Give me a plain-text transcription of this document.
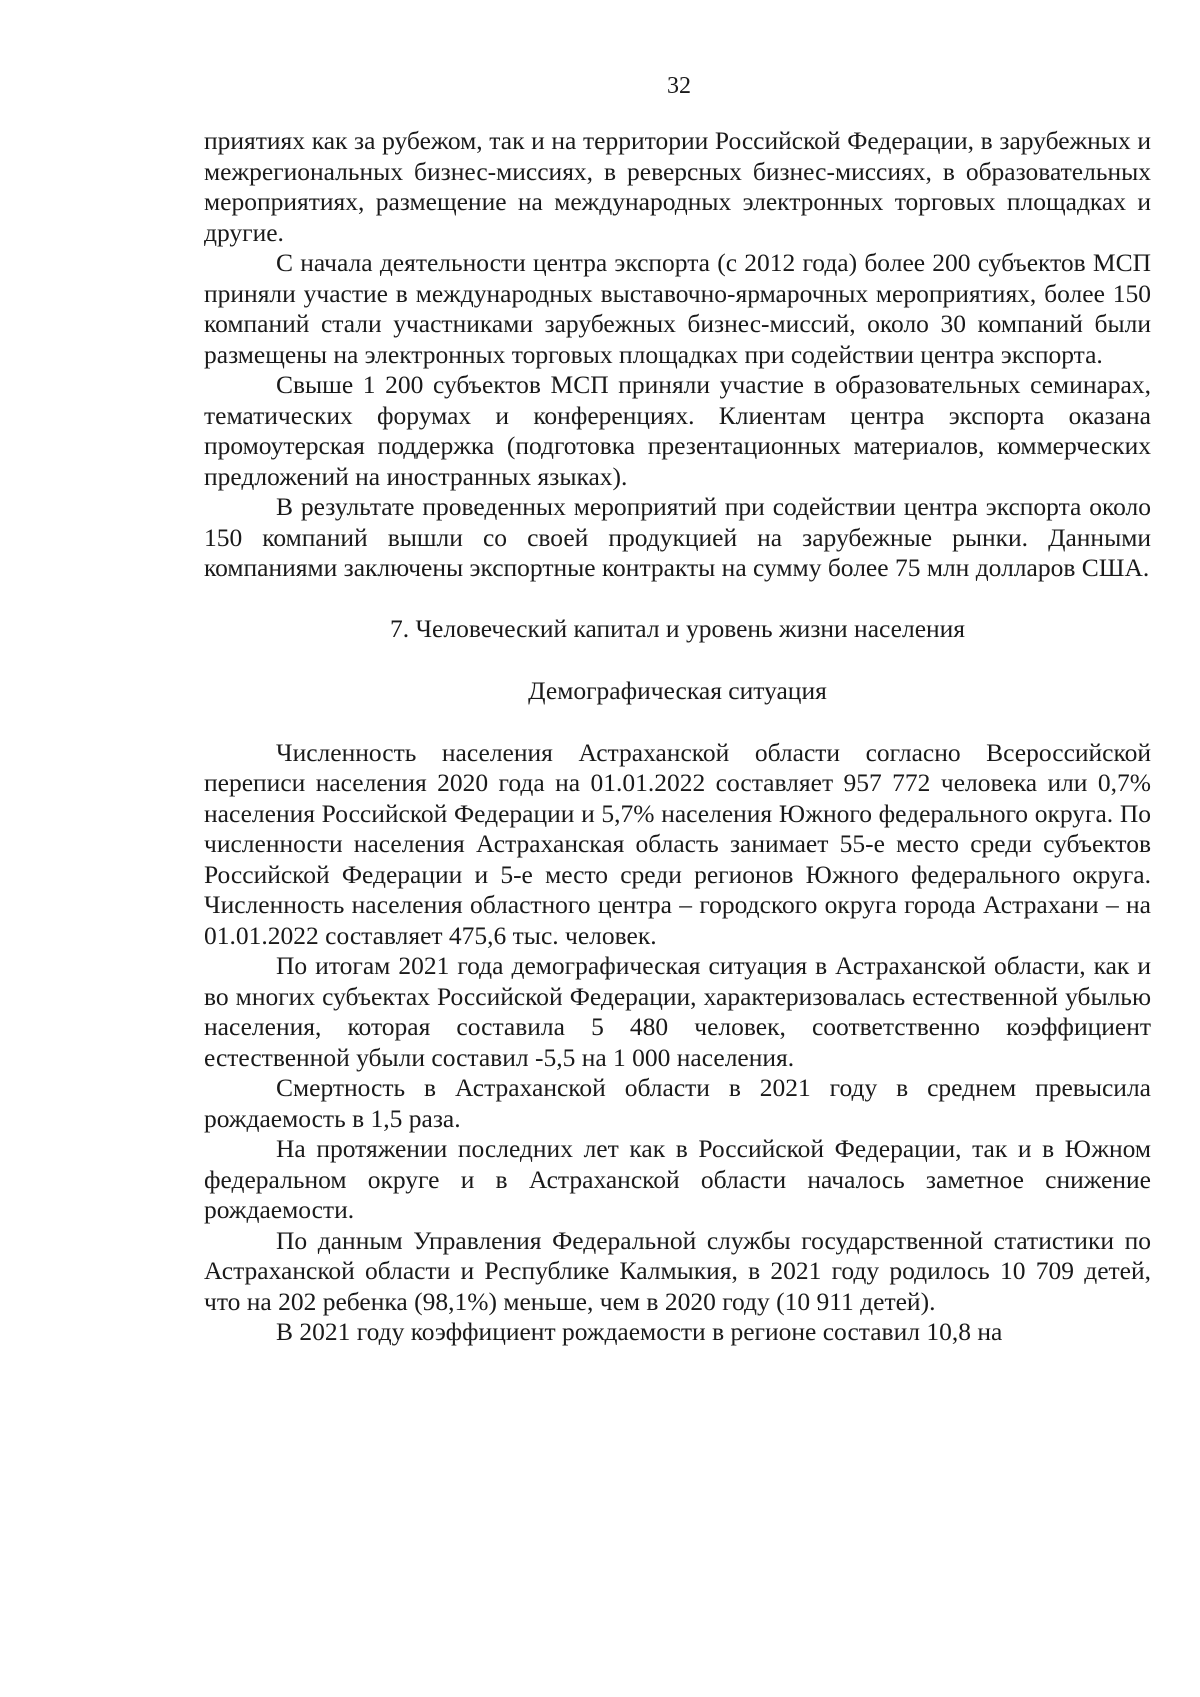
32

приятиях как за рубежом, так и на территории Российской Федерации, в зарубежных и межрегиональных бизнес-миссиях, в реверсных бизнес-миссиях, в образовательных мероприятиях, размещение на международных электронных торговых площадках и другие.

С начала деятельности центра экспорта (с 2012 года) более 200 субъектов МСП приняли участие в международных выставочно-ярмарочных мероприятиях, более 150 компаний стали участниками зарубежных бизнес-миссий, около 30 компаний были размещены на электронных торговых площадках при содействии центра экспорта.

Свыше 1 200 субъектов МСП приняли участие в образовательных семинарах, тематических форумах и конференциях. Клиентам центра экспорта оказана промоутерская поддержка (подготовка презентационных материалов, коммерческих предложений на иностранных языках).

В результате проведенных мероприятий при содействии центра экспорта около 150 компаний вышли со своей продукцией на зарубежные рынки. Данными компаниями заключены экспортные контракты на сумму более 75 млн долларов США.

7. Человеческий капитал и уровень жизни населения

Демографическая ситуация

Численность населения Астраханской области согласно Всероссийской переписи населения 2020 года на 01.01.2022 составляет 957 772 человека или 0,7% населения Российской Федерации и 5,7% населения Южного федерального округа. По численности населения Астраханская область занимает 55-е место среди субъектов Российской Федерации и 5-е место среди регионов Южного федерального округа. Численность населения областного центра – городского округа города Астрахани – на 01.01.2022 составляет 475,6 тыс. человек.

По итогам 2021 года демографическая ситуация в Астраханской области, как и во многих субъектах Российской Федерации, характеризовалась естественной убылью населения, которая составила 5 480 человек, соответственно коэффициент естественной убыли составил -5,5 на 1 000 населения.

Смертность в Астраханской области в 2021 году в среднем превысила рождаемость в 1,5 раза.

На протяжении последних лет как в Российской Федерации, так и в Южном федеральном округе и в Астраханской области началось заметное снижение рождаемости.

По данным Управления Федеральной службы государственной статистики по Астраханской области и Республике Калмыкия, в 2021 году родилось 10 709 детей, что на 202 ребенка (98,1%) меньше, чем в 2020 году (10 911 детей).

В 2021 году коэффициент рождаемости в регионе составил 10,8 на
